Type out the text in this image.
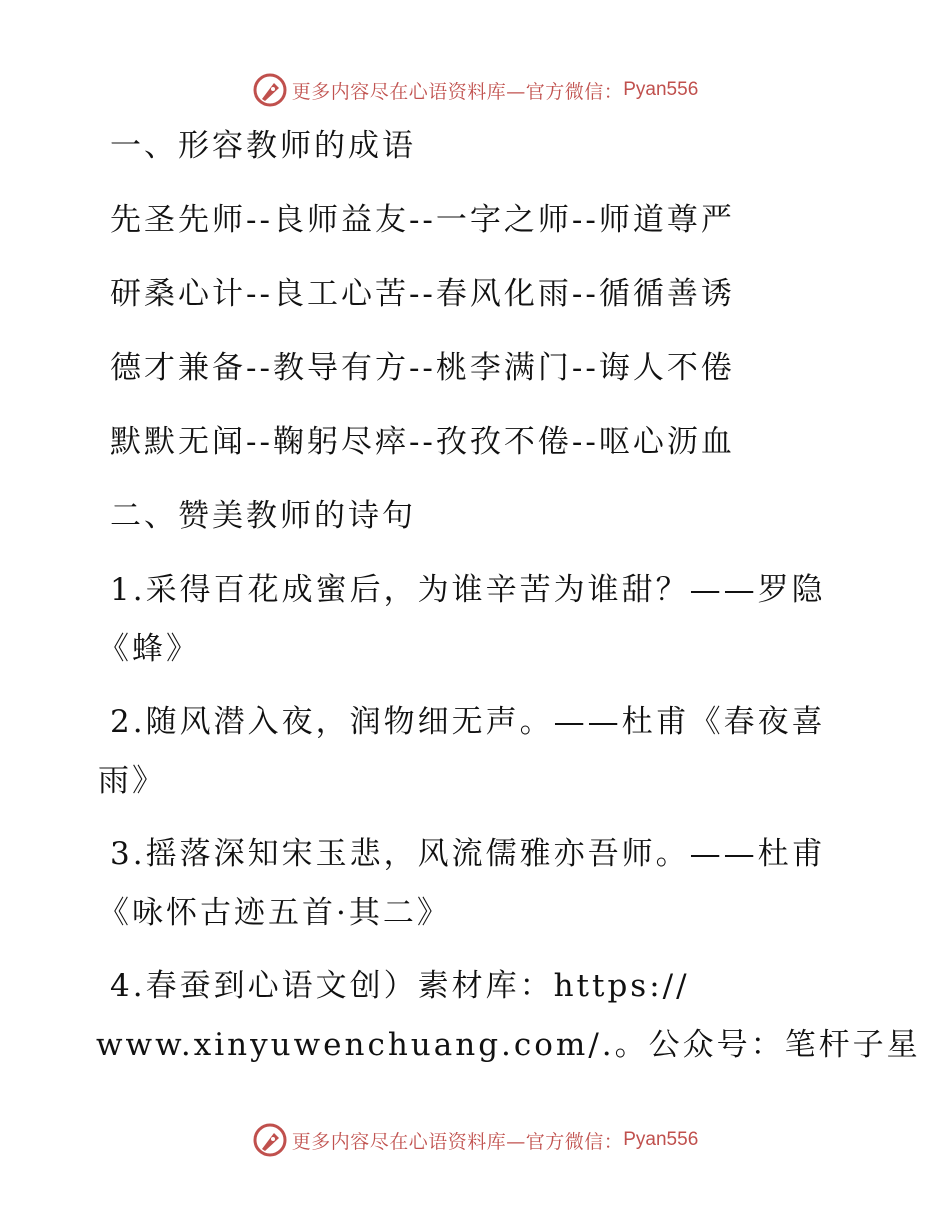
更多内容尽在心语资料库—官方微信： Pyan556
一、形容教师的成语
先圣先师--良师益友--一字之师--师道尊严
研桑心计--良工心苦--春风化雨--循循善诱
德才兼备--教导有方--桃李满门--诲人不倦
默默无闻--鞠躬尽瘁--孜孜不倦--呕心沥血
二、赞美教师的诗句
1.采得百花成蜜后，为谁辛苦为谁甜？——罗隐
《蜂》
2.随风潜入夜，润物细无声。——杜甫《春夜喜
雨》
3.摇落深知宋玉悲，风流儒雅亦吾师。——杜甫
《咏怀古迹五首·其二》
4.春蚕到心语文创）素材库：https://
www.xinyuwenchuang.com/.。公众号：笔杆子星
更多内容尽在心语资料库—官方微信： Pyan556
